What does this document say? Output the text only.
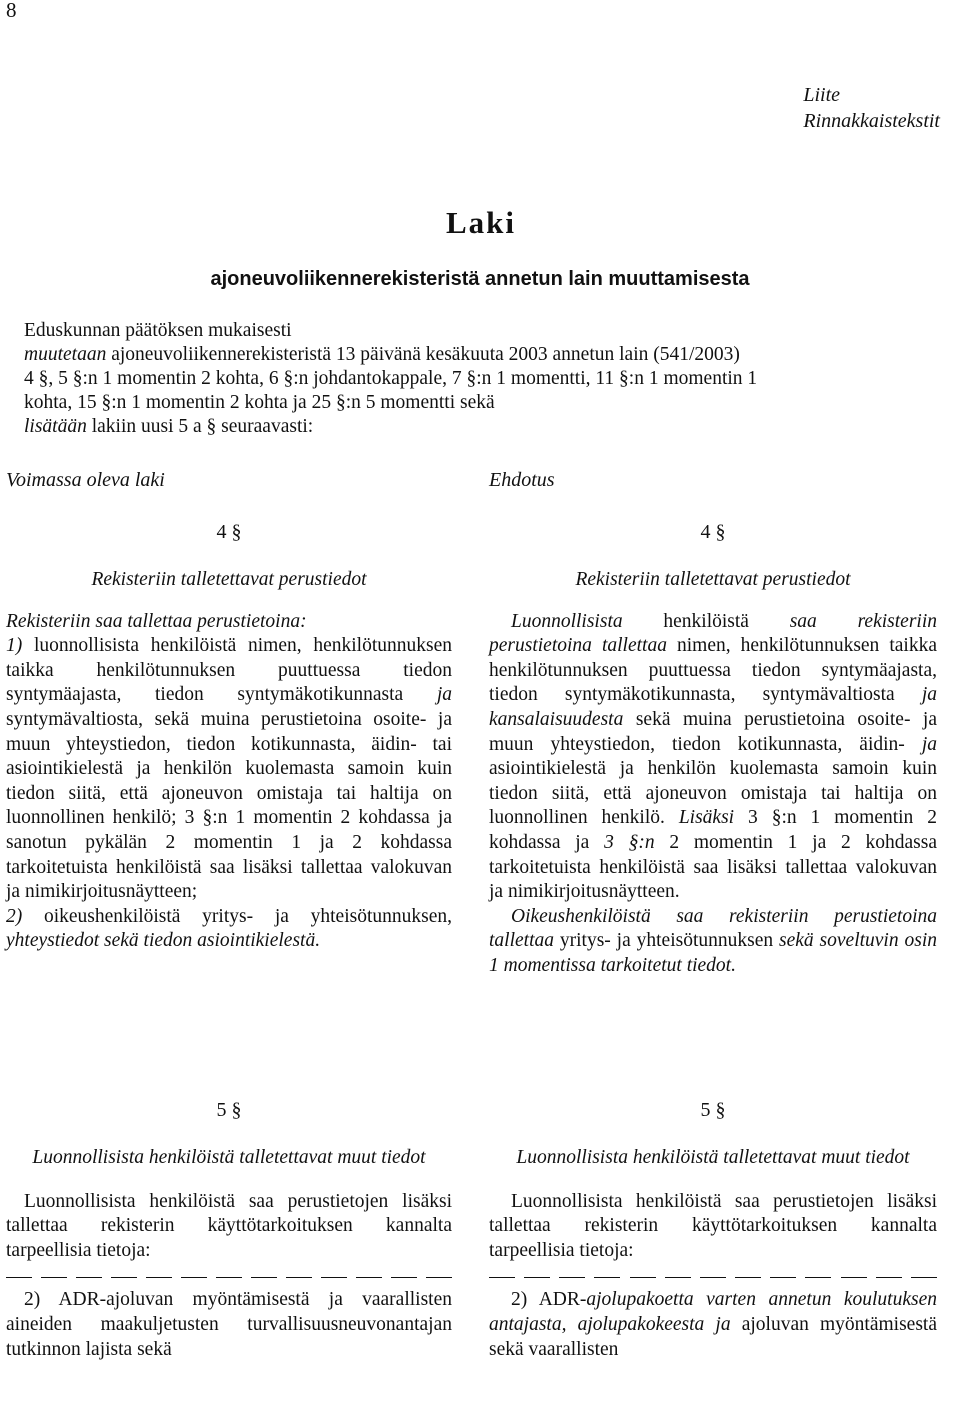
8
Liite
Rinnakkaistekstit
Laki
ajoneuvoliikennerekisteristä annetun lain muuttamisesta
Eduskunnan päätöksen mukaisesti
muutetaan ajoneuvoliikennerekisteristä 13 päivänä kesäkuuta 2003 annetun lain (541/2003)
4 §, 5 §:n 1 momentin 2 kohta, 6 §:n johdantokappale, 7 §:n 1 momentti, 11 §:n 1 momentin 1
kohta, 15 §:n 1 momentin 2 kohta ja 25 §:n 5 momentti sekä
lisätään lakiin uusi 5 a § seuraavasti:
Voimassa oleva laki	Ehdotus
4 §
Rekisteriin talletettavat perustiedot
Rekisteriin saa tallettaa perustietoina:
1) luonnollisista henkilöistä nimen, henkilötunnuksen taikka henkilötunnuksen puuttuessa tiedon syntymäajasta, tiedon syntymäkotikunnasta ja syntymävaltiosta, sekä muina perustietoina osoite- ja muun yhteystiedon, tiedon kotikunnasta, äidin- tai asiointikielestä ja henkilön kuolemasta samoin kuin tiedon siitä, että ajoneuvon omistaja tai haltija on luonnollinen henkilö; 3 §:n 1 momentin 2 kohdassa ja sanotun pykälän 2 momentin 1 ja 2 kohdassa tarkoitetuista henkilöistä saa lisäksi tallettaa valokuvan ja nimikirjoitusnäytteen;
2) oikeushenkilöistä yritys- ja yhteisötunnuksen, yhteystiedot sekä tiedon asiointikielestä.
4 §
Rekisteriin talletettavat perustiedot
Luonnollisista henkilöistä saa rekisteriin perustietoina tallettaa nimen, henkilötunnuksen taikka henkilötunnuksen puuttuessa tiedon syntymäajasta, tiedon syntymäkotikunnasta, syntymävaltiosta ja kansalaisuudesta sekä muina perustietoina osoite- ja muun yhteystiedon, tiedon kotikunnasta, äidin- ja asiointikielestä ja henkilön kuolemasta samoin kuin tiedon siitä, että ajoneuvon omistaja tai haltija on luonnollinen henkilö. Lisäksi 3 §:n 1 momentin 2 kohdassa ja 3 §:n 2 momentin 1 ja 2 kohdassa tarkoitetuista henkilöistä saa lisäksi tallettaa valokuvan ja nimikirjoitusnäytteen.
Oikeushenkilöistä saa rekisteriin perustietoina tallettaa yritys- ja yhteisötunnuksen sekä soveltuvin osin 1 momentissa tarkoitetut tiedot.
5 §
Luonnollisista henkilöistä talletettavat muut tiedot
Luonnollisista henkilöistä saa perustietojen lisäksi tallettaa rekisterin käyttötarkoituksen kannalta tarpeellisia tietoja:
2) ADR-ajoluvan myöntämisestä ja vaarallisten aineiden maakuljetusten turvallisuusneuvonantajan tutkinnon lajista sekä
5 §
Luonnollisista henkilöistä talletettavat muut tiedot
Luonnollisista henkilöistä saa perustietojen lisäksi tallettaa rekisterin käyttötarkoituksen kannalta tarpeellisia tietoja:
2) ADR-ajolupakoetta varten annetun koulutuksen antajasta, ajolupakokeesta ja ajoluvan myöntämisestä sekä vaarallisten
